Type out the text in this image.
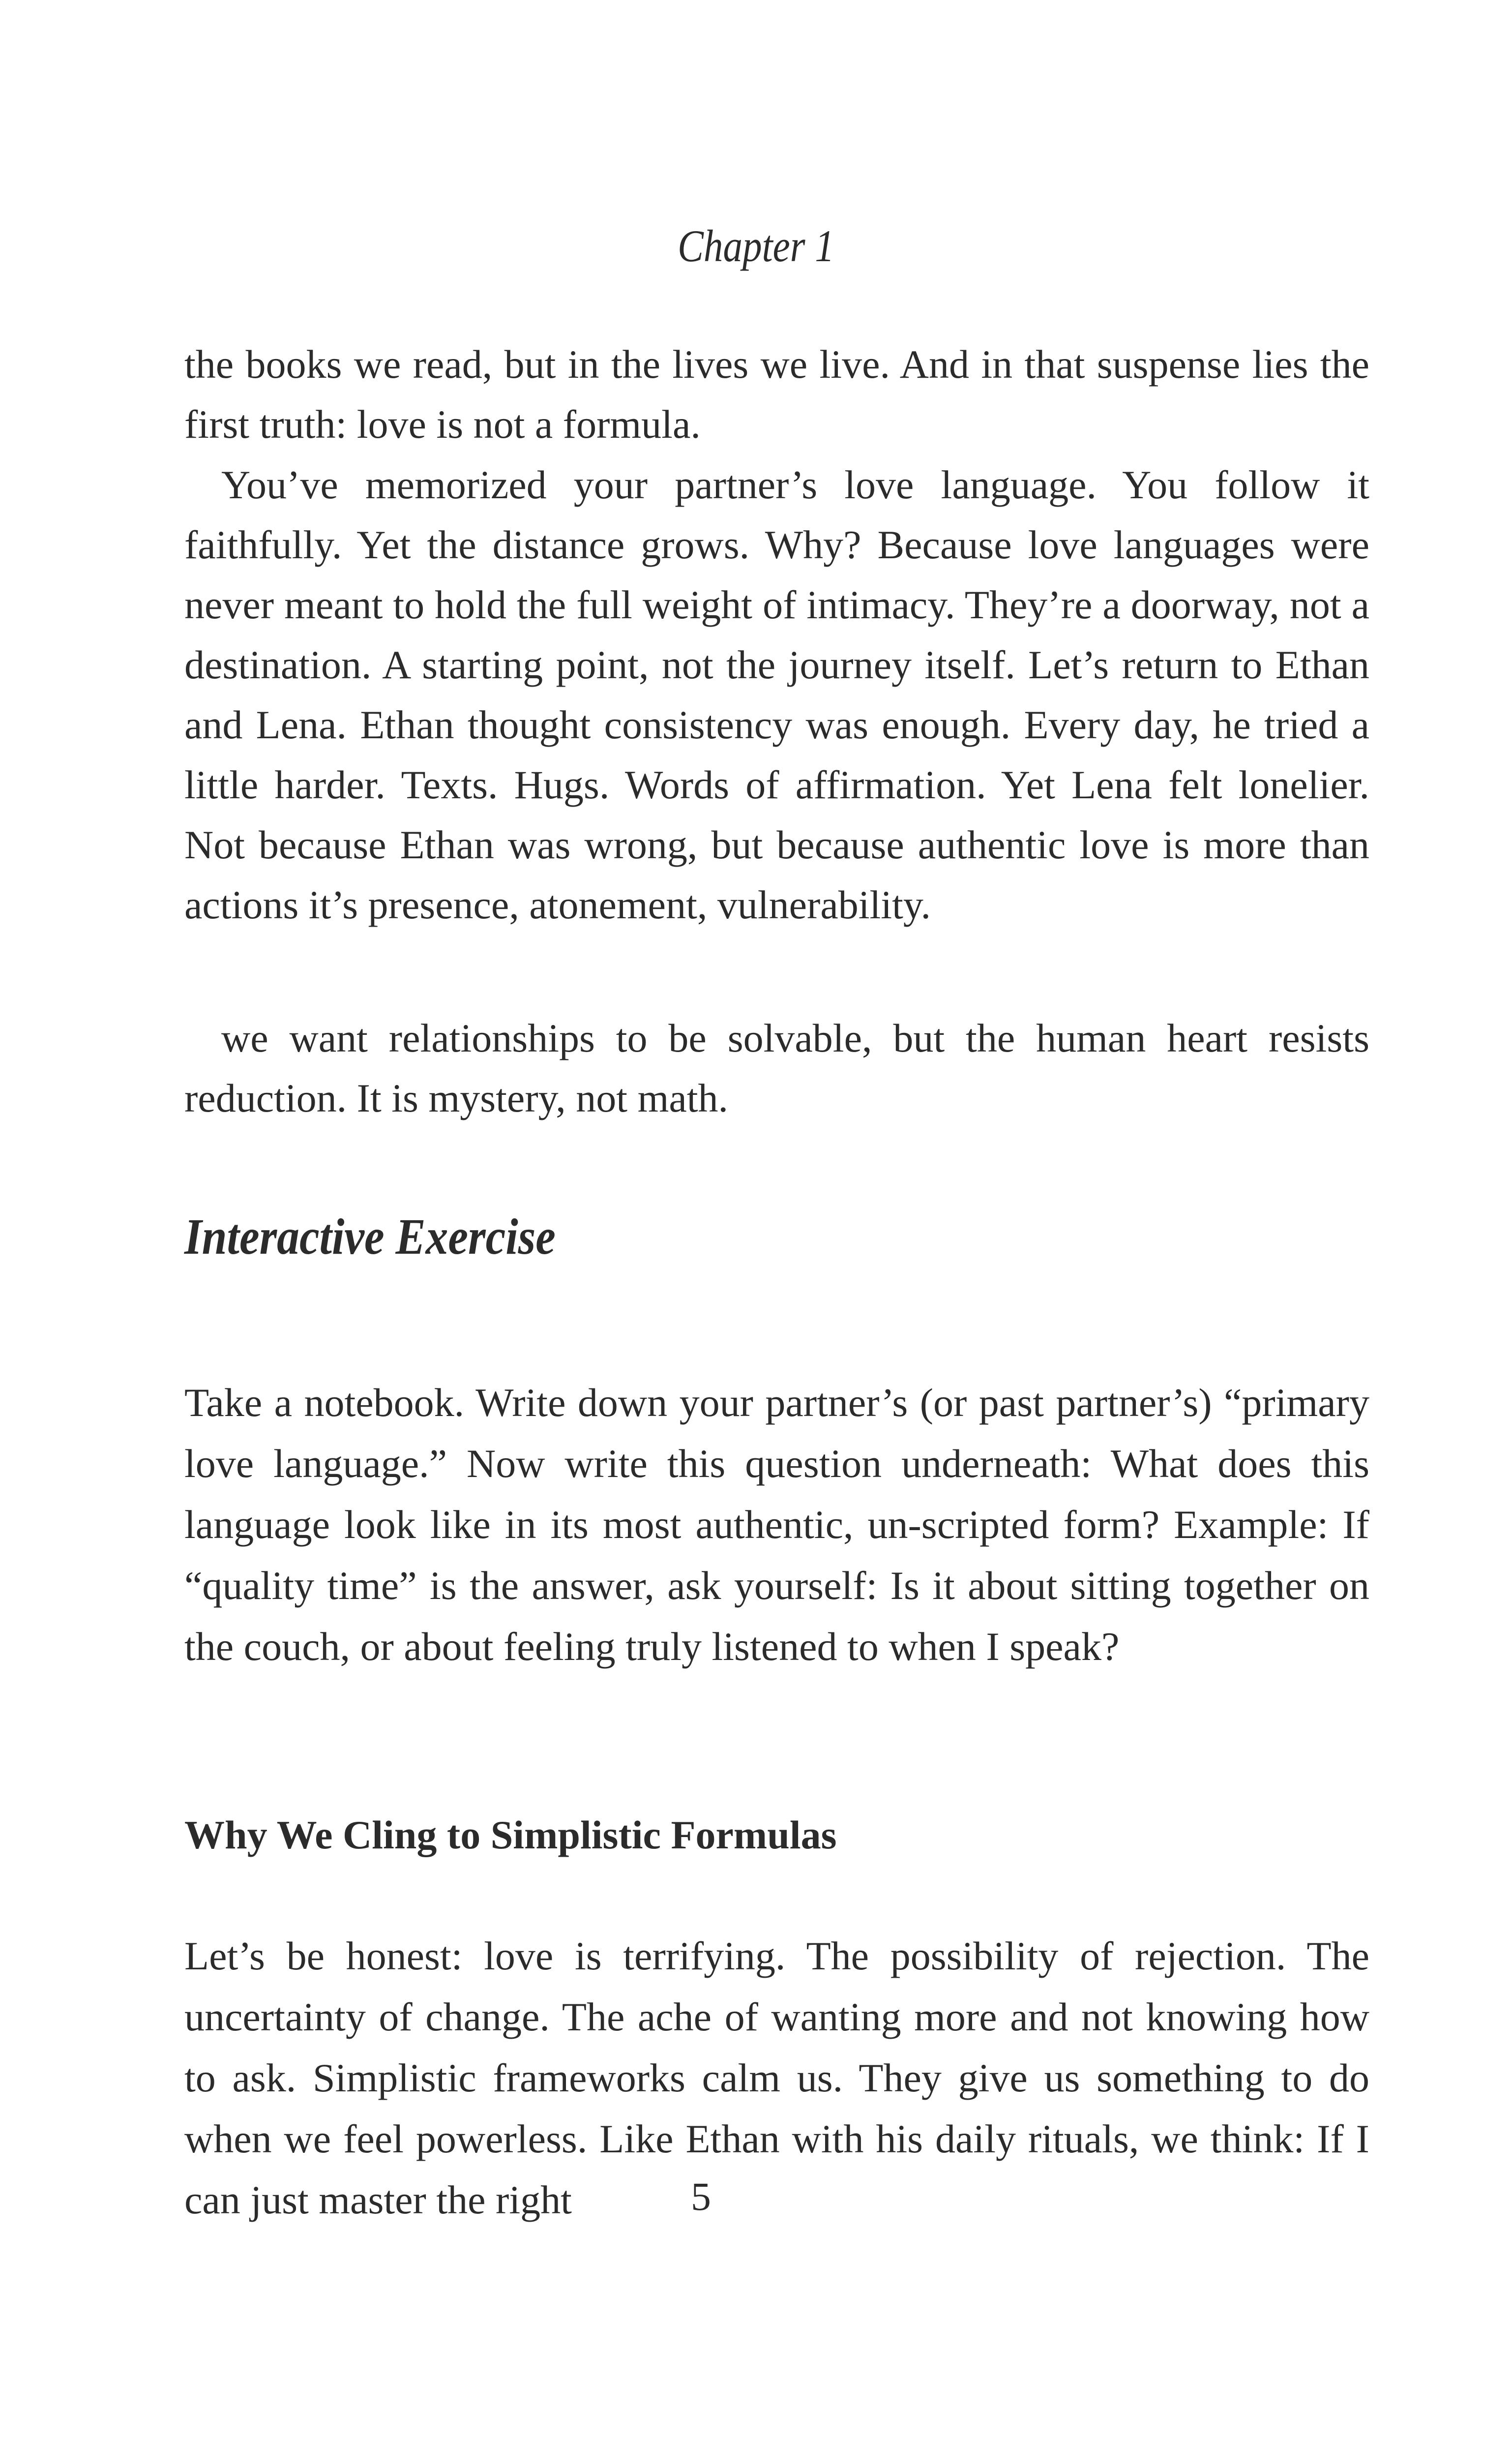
Chapter 1

the books we read, but in the lives we live. And in that suspense lies the first truth: love is not a formula.

You’ve memorized your partner’s love language. You follow it faithfully. Yet the distance grows. Why? Because love languages were never meant to hold the full weight of intimacy. They’re a doorway, not a destination. A starting point, not the journey itself. Let’s return to Ethan and Lena. Ethan thought consistency was enough. Every day, he tried a little harder. Texts. Hugs. Words of affirmation. Yet Lena felt lonelier. Not because Ethan was wrong, but because authentic love is more than actions it’s presence, atonement, vulnerability.

we want relationships to be solvable, but the human heart resists reduction. It is mystery, not math.

Interactive Exercise

Take a notebook. Write down your partner’s (or past partner’s) “primary love language.” Now write this question underneath: What does this language look like in its most authentic, un-scripted form? Example: If “quality time” is the answer, ask yourself: Is it about sitting together on the couch, or about feeling truly listened to when I speak?

Why We Cling to Simplistic Formulas

Let’s be honest: love is terrifying. The possibility of rejection. The uncertainty of change. The ache of wanting more and not knowing how to ask. Simplistic frameworks calm us. They give us something to do when we feel powerless. Like Ethan with his daily rituals, we think: If I can just master the right	5
